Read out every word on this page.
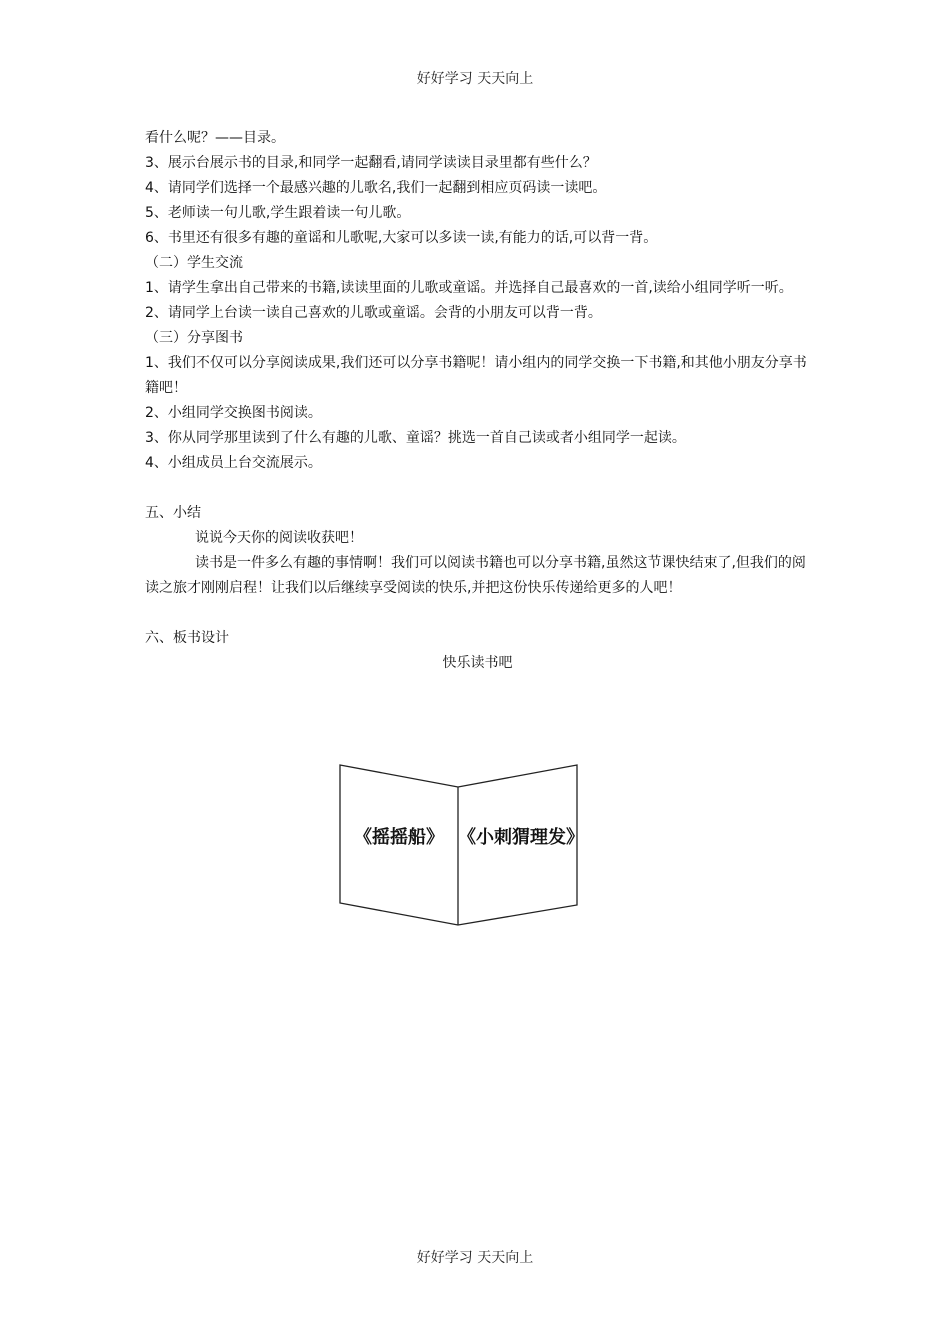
好好学习 天天向上

看什么呢？——目录。

3、展示台展示书的目录,和同学一起翻看,请同学读读目录里都有些什么？

4、请同学们选择一个最感兴趣的儿歌名,我们一起翻到相应页码读一读吧。

5、老师读一句儿歌,学生跟着读一句儿歌。

6、书里还有很多有趣的童谣和儿歌呢,大家可以多读一读,有能力的话,可以背一背。

（二）学生交流

1、请学生拿出自己带来的书籍,读读里面的儿歌或童谣。并选择自己最喜欢的一首,读给小组同学听一听。

2、请同学上台读一读自己喜欢的儿歌或童谣。会背的小朋友可以背一背。

（三）分享图书

1、我们不仅可以分享阅读成果,我们还可以分享书籍呢！请小组内的同学交换一下书籍,和其他小朋友分享书籍吧！

2、小组同学交换图书阅读。

3、你从同学那里读到了什么有趣的儿歌、童谣？挑选一首自己读或者小组同学一起读。

4、小组成员上台交流展示。

五、小结

说说今天你的阅读收获吧！

读书是一件多么有趣的事情啊！我们可以阅读书籍也可以分享书籍,虽然这节课快结束了,但我们的阅读之旅才刚刚启程！让我们以后继续享受阅读的快乐,并把这份快乐传递给更多的人吧！

六、板书设计

快乐读书吧

《摇摇船》 《小刺猬理发》
好好学习 天天向上
